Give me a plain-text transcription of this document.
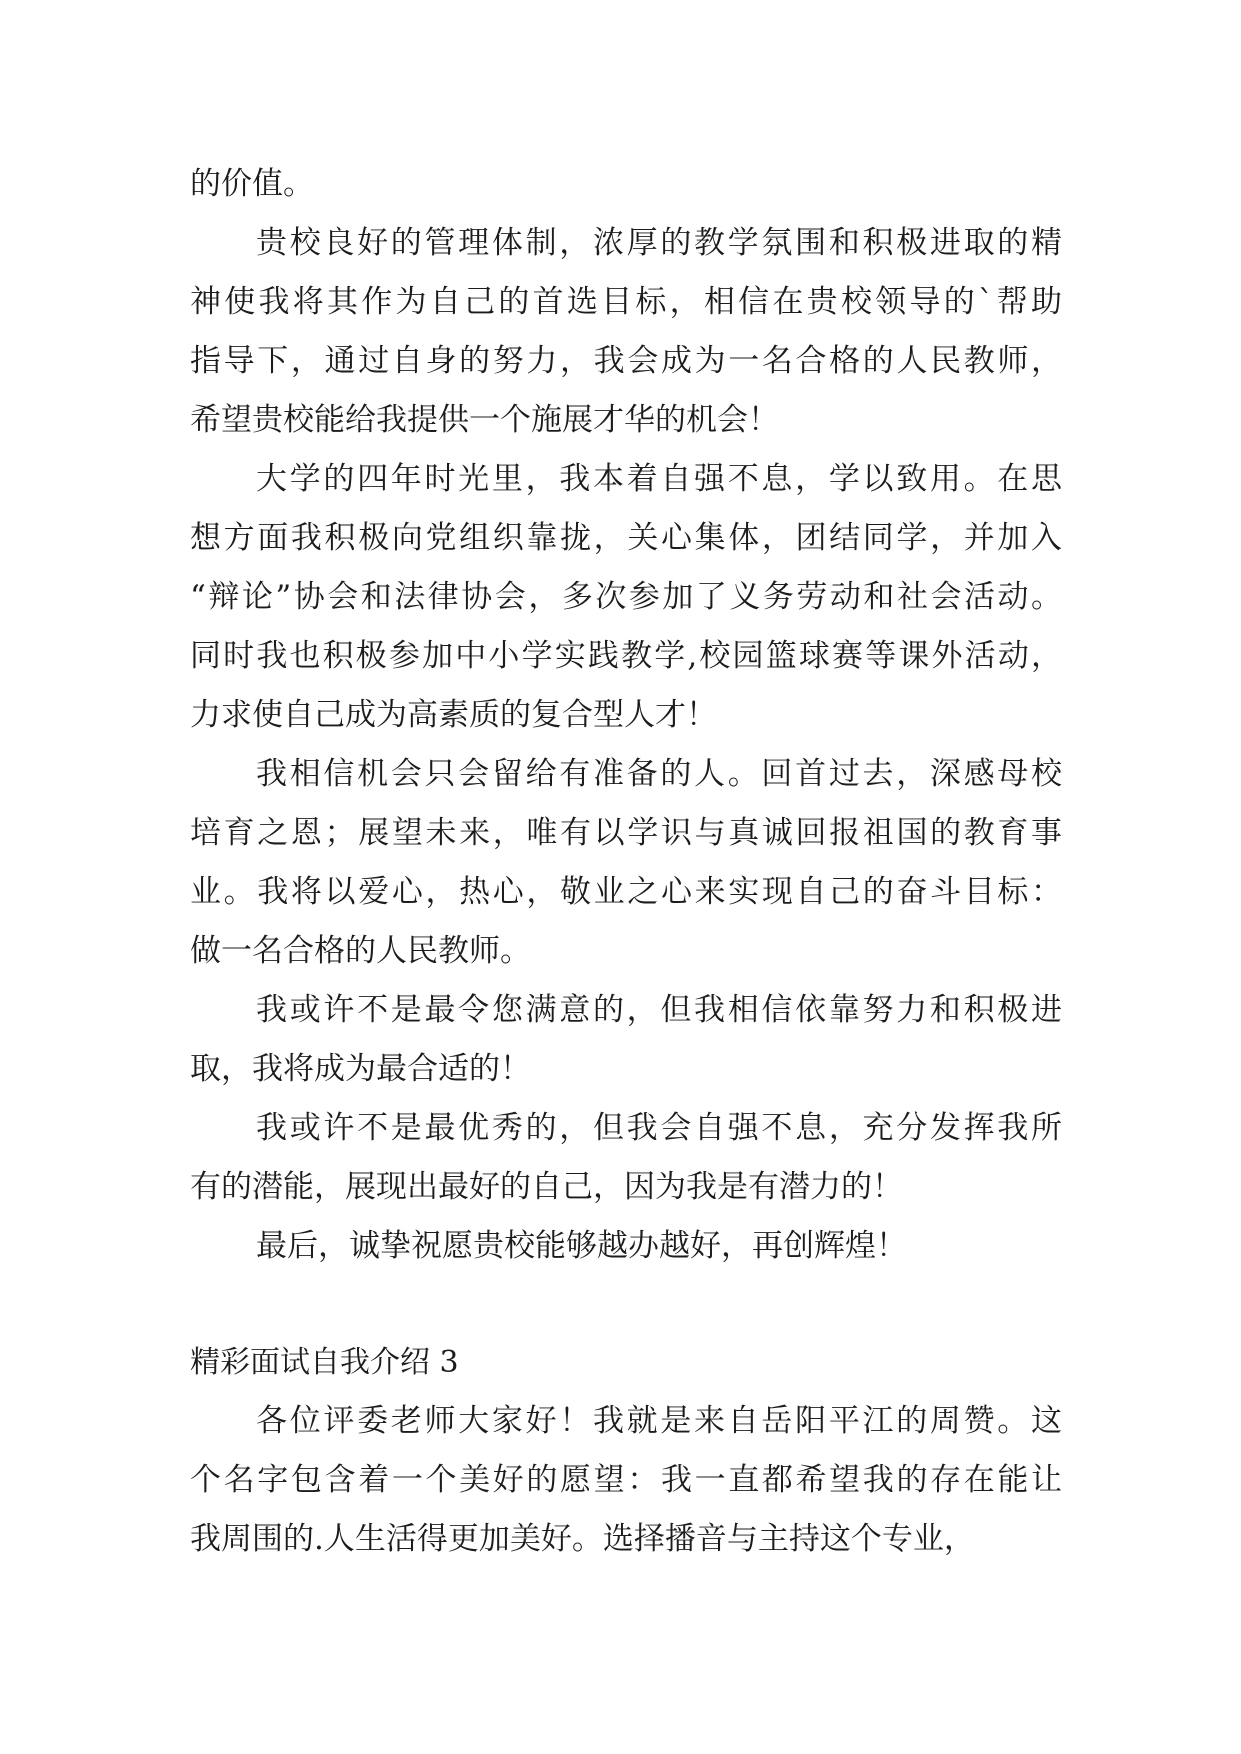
的价值。
贵校良好的管理体制，浓厚的教学氛围和积极进取的精
神使我将其作为自己的首选目标，相信在贵校领导的`帮助
指导下，通过自身的努力，我会成为一名合格的人民教师，
希望贵校能给我提供一个施展才华的机会！
大学的四年时光里，我本着自强不息，学以致用。在思
想方面我积极向党组织靠拢，关心集体，团结同学，并加入
“辩论”协会和法律协会，多次参加了义务劳动和社会活动。
同时我也积极参加中小学实践教学,校园篮球赛等课外活动，
力求使自己成为高素质的复合型人才！
我相信机会只会留给有准备的人。回首过去，深感母校
培育之恩；展望未来，唯有以学识与真诚回报祖国的教育事
业。我将以爱心，热心，敬业之心来实现自己的奋斗目标：
做一名合格的人民教师。
我或许不是最令您满意的，但我相信依靠努力和积极进
取，我将成为最合适的！
我或许不是最优秀的，但我会自强不息，充分发挥我所
有的潜能，展现出最好的自己，因为我是有潜力的！
最后，诚挚祝愿贵校能够越办越好，再创辉煌！
精彩面试自我介绍 3
各位评委老师大家好！我就是来自岳阳平江的周赞。这
个名字包含着一个美好的愿望：我一直都希望我的存在能让
我周围的.人生活得更加美好。选择播音与主持这个专业，
